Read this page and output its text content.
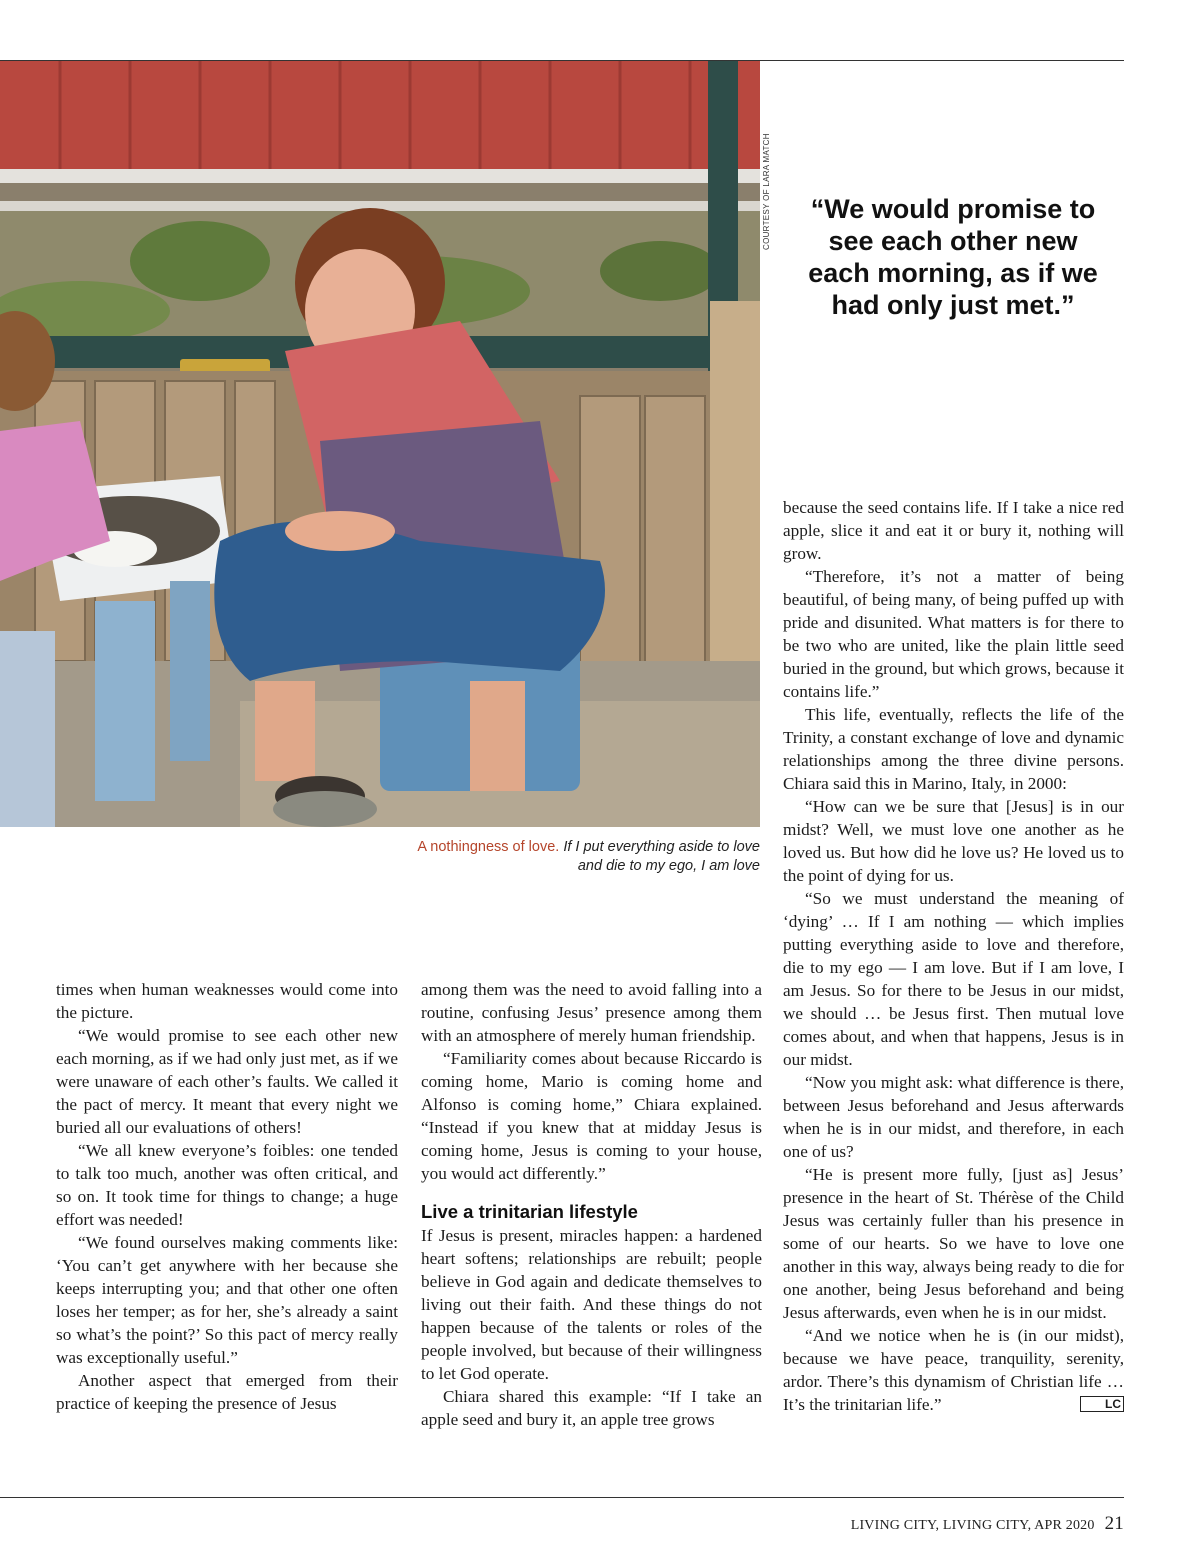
COURTESY OF LARA MATCH	“We would promise to see each other new each morning, as if we had only just met.”
A nothingness of love. If I put everything aside to love and die to my ego, I am love

times when human weaknesses would come into the picture.

“We would promise to see each other new each morning, as if we had only just met, as if we were unaware of each other’s faults. We called it the pact of mercy. It meant that every night we buried all our evaluations of others!

“We all knew everyone’s foibles: one tended to talk too much, another was often critical, and so on. It took time for things to change; a huge effort was needed!

“We found ourselves making comments like: ‘You can’t get anywhere with her because she keeps interrupting you; and that other one often loses her temper; as for her, she’s already a saint so what’s the point?’ So this pact of mercy really was exceptionally useful.”

Another aspect that emerged from their practice of keeping the presence of Jesus

among them was the need to avoid falling into a routine, confusing Jesus’ presence among them with an atmosphere of merely human friendship.

“Familiarity comes about because Riccardo is coming home, Mario is coming home and Alfonso is coming home,” Chiara explained. “Instead if you knew that at midday Jesus is coming home, Jesus is coming to your house, you would act differently.”

Live a trinitarian lifestyle

If Jesus is present, miracles happen: a hardened heart softens; relationships are rebuilt; people believe in God again and dedicate themselves to living out their faith. And these things do not happen because of the talents or roles of the people involved, but because of their willingness to let God operate.

Chiara shared this example: “If I take an apple seed and bury it, an apple tree grows

because the seed contains life. If I take a nice red apple, slice it and eat it or bury it, nothing will grow.

“Therefore, it’s not a matter of being beautiful, of being many, of being puffed up with pride and disunited. What matters is for there to be two who are united, like the plain little seed buried in the ground, but which grows, because it contains life.”

This life, eventually, reflects the life of the Trinity, a constant exchange of love and dynamic relationships among the three divine persons. Chiara said this in Marino, Italy, in 2000:

“How can we be sure that [Jesus] is in our midst? Well, we must love one another as he loved us. But how did he love us? He loved us to the point of dying for us.

“So we must understand the meaning of ‘dying’ … If I am nothing — which implies putting everything aside to love and therefore, die to my ego — I am love. But if I am love, I am Jesus. So for there to be Jesus in our midst, we should … be Jesus first. Then mutual love comes about, and when that happens, Jesus is in our midst.

“Now you might ask: what difference is there, between Jesus beforehand and Jesus afterwards when he is in our midst, and therefore, in each one of us?

“He is present more fully, [just as] Jesus’ presence in the heart of St. Thérèse of the Child Jesus was certainly fuller than his presence in some of our hearts. So we have to love one another in this way, always being ready to die for one another, being Jesus beforehand and being Jesus afterwards, even when he is in our midst.

“And we notice when he is (in our midst), because we have peace, tranquility, serenity, ardor. There’s this dynamism of Christian life … It’s the trinitarian life.”	LC

LIVING CITY, LIVING CITY, APR 2020 21
